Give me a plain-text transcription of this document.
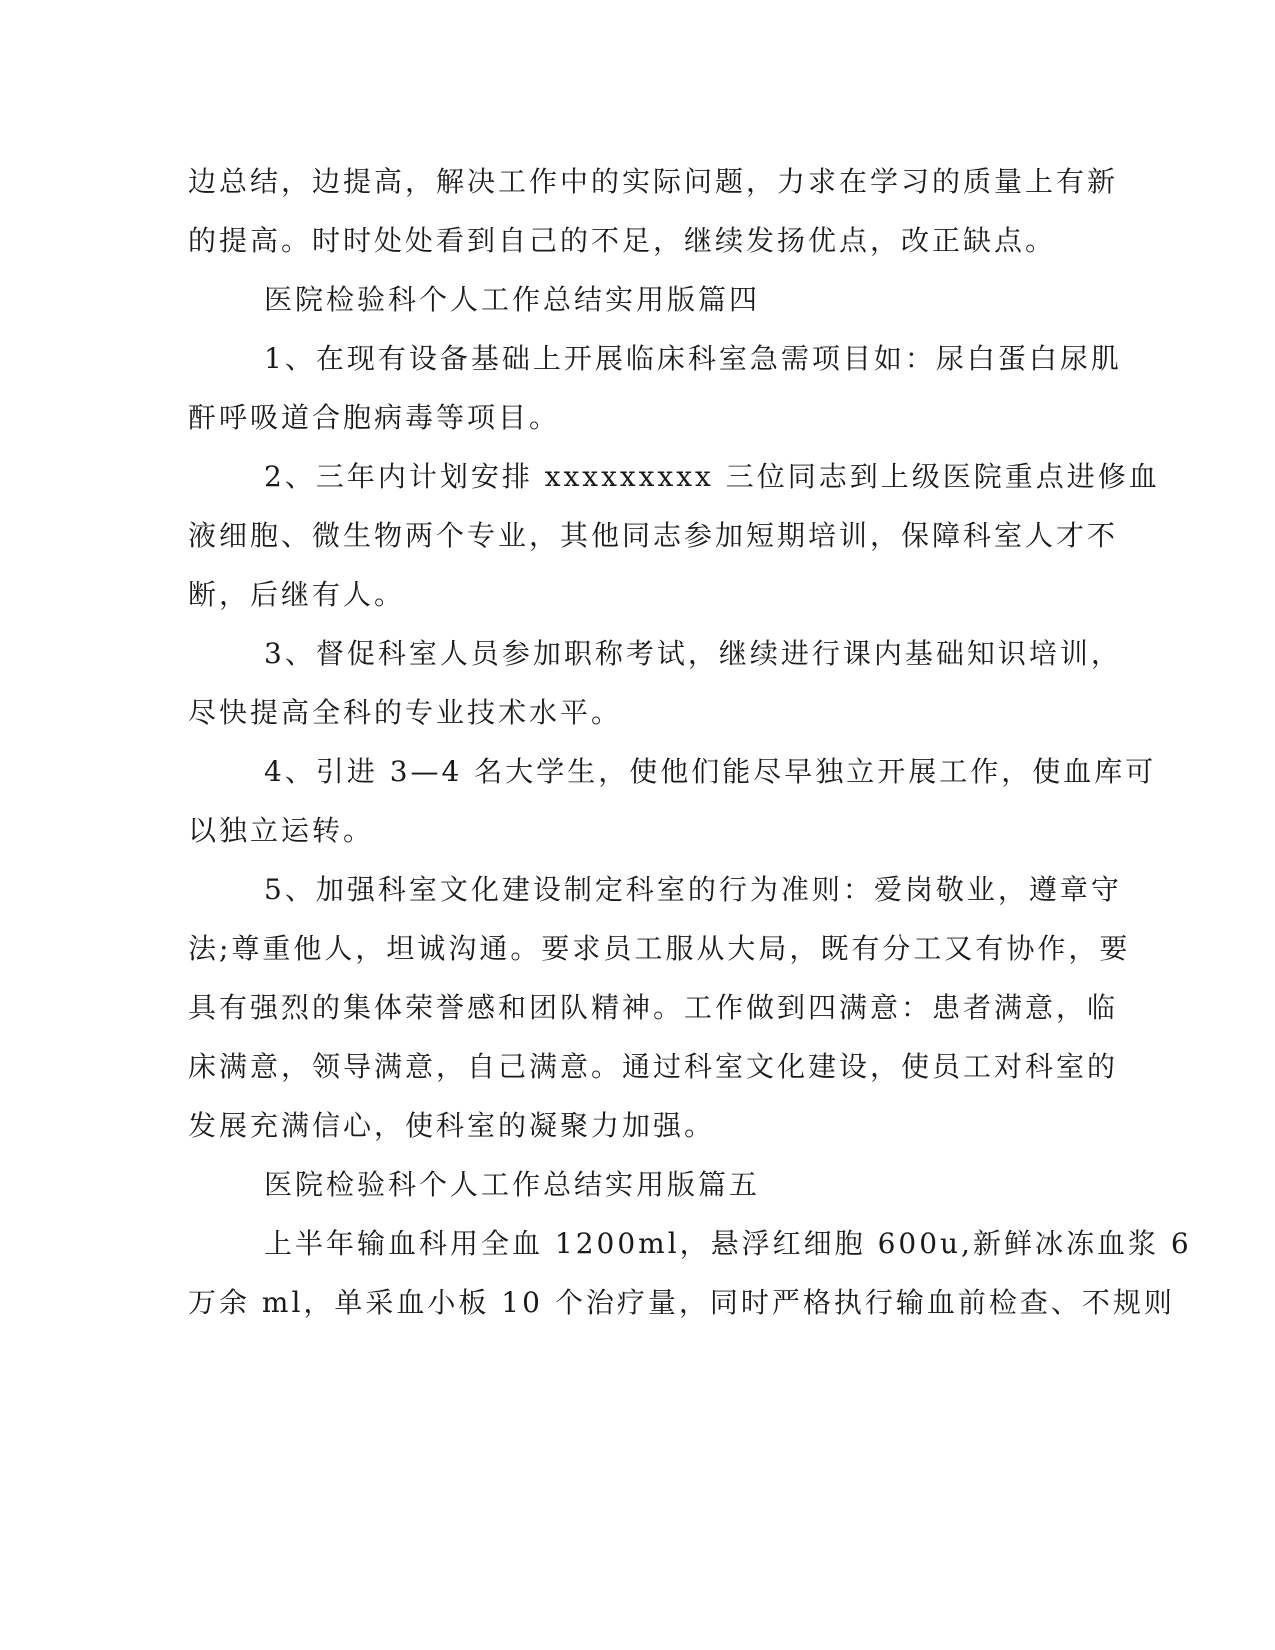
边总结，边提高，解决工作中的实际问题，力求在学习的质量上有新
的提高。时时处处看到自己的不足，继续发扬优点，改正缺点。
医院检验科个人工作总结实用版篇四
1、在现有设备基础上开展临床科室急需项目如：尿白蛋白尿肌
酐呼吸道合胞病毒等项目。
2、三年内计划安排 xxxxxxxxx 三位同志到上级医院重点进修血
液细胞、微生物两个专业，其他同志参加短期培训，保障科室人才不
断，后继有人。
3、督促科室人员参加职称考试，继续进行课内基础知识培训，
尽快提高全科的专业技术水平。
4、引进 3—4 名大学生，使他们能尽早独立开展工作，使血库可
以独立运转。
5、加强科室文化建设制定科室的行为准则：爱岗敬业，遵章守
法;尊重他人，坦诚沟通。要求员工服从大局，既有分工又有协作，要
具有强烈的集体荣誉感和团队精神。工作做到四满意：患者满意，临
床满意，领导满意，自己满意。通过科室文化建设，使员工对科室的
发展充满信心，使科室的凝聚力加强。
医院检验科个人工作总结实用版篇五
上半年输血科用全血 1200ml，悬浮红细胞 600u,新鲜冰冻血浆 6
万余 ml，单采血小板 10 个治疗量，同时严格执行输血前检查、不规则
